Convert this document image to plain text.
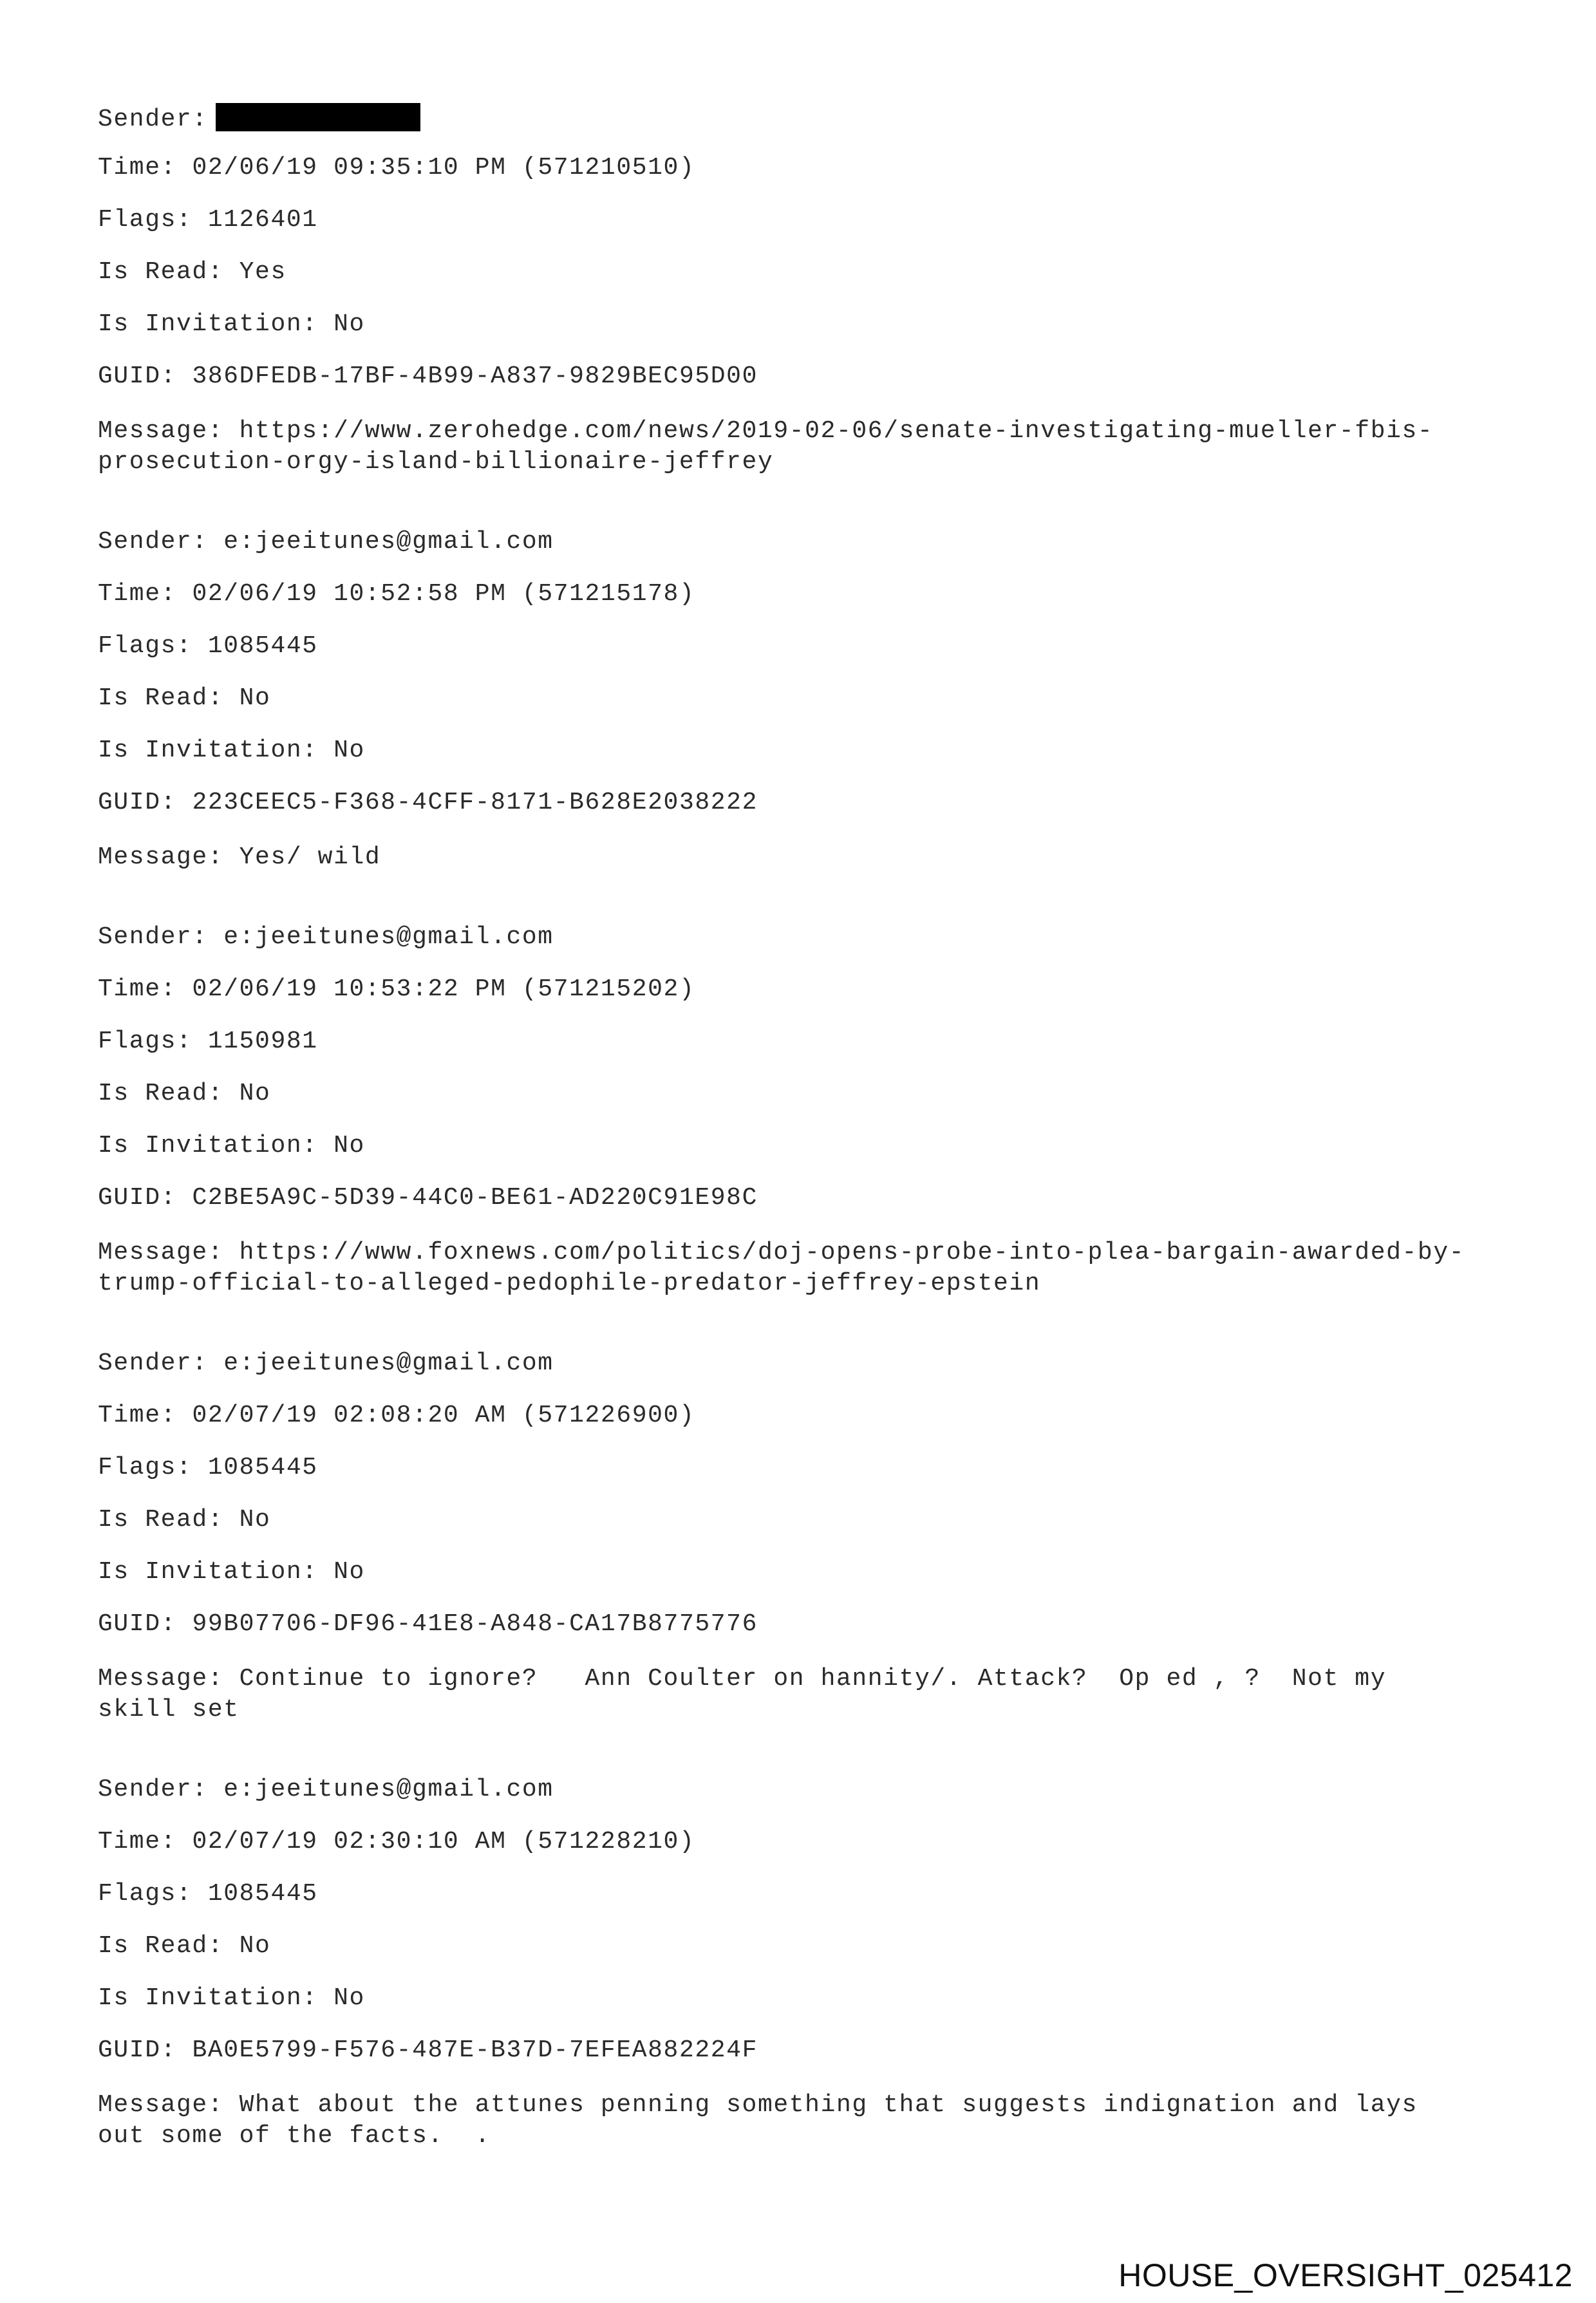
Sender:
Time: 02/06/19 09:35:10 PM (571210510)
Flags: 1126401
Is Read: Yes
Is Invitation: No
GUID: 386DFEDB-17BF-4B99-A837-9829BEC95D00
Message: https://www.zerohedge.com/news/2019-02-06/senate-investigating-mueller-fbis-
prosecution-orgy-island-billionaire-jeffrey
Sender: e:jeeitunes@gmail.com
Time: 02/06/19 10:52:58 PM (571215178)
Flags: 1085445
Is Read: No
Is Invitation: No
GUID: 223CEEC5-F368-4CFF-8171-B628E2038222
Message: Yes/ wild
Sender: e:jeeitunes@gmail.com
Time: 02/06/19 10:53:22 PM (571215202)
Flags: 1150981
Is Read: No
Is Invitation: No
GUID: C2BE5A9C-5D39-44C0-BE61-AD220C91E98C
Message: https://www.foxnews.com/politics/doj-opens-probe-into-plea-bargain-awarded-by-
trump-official-to-alleged-pedophile-predator-jeffrey-epstein
Sender: e:jeeitunes@gmail.com
Time: 02/07/19 02:08:20 AM (571226900)
Flags: 1085445
Is Read: No
Is Invitation: No
GUID: 99B07706-DF96-41E8-A848-CA17B8775776
Message: Continue to ignore?   Ann Coulter on hannity/. Attack?  Op ed , ?  Not my
skill set
Sender: e:jeeitunes@gmail.com
Time: 02/07/19 02:30:10 AM (571228210)
Flags: 1085445
Is Read: No
Is Invitation: No
GUID: BA0E5799-F576-487E-B37D-7EFEA882224F
Message: What about the attunes penning something that suggests indignation and lays
out some of the facts.  .
HOUSE_OVERSIGHT_025412
